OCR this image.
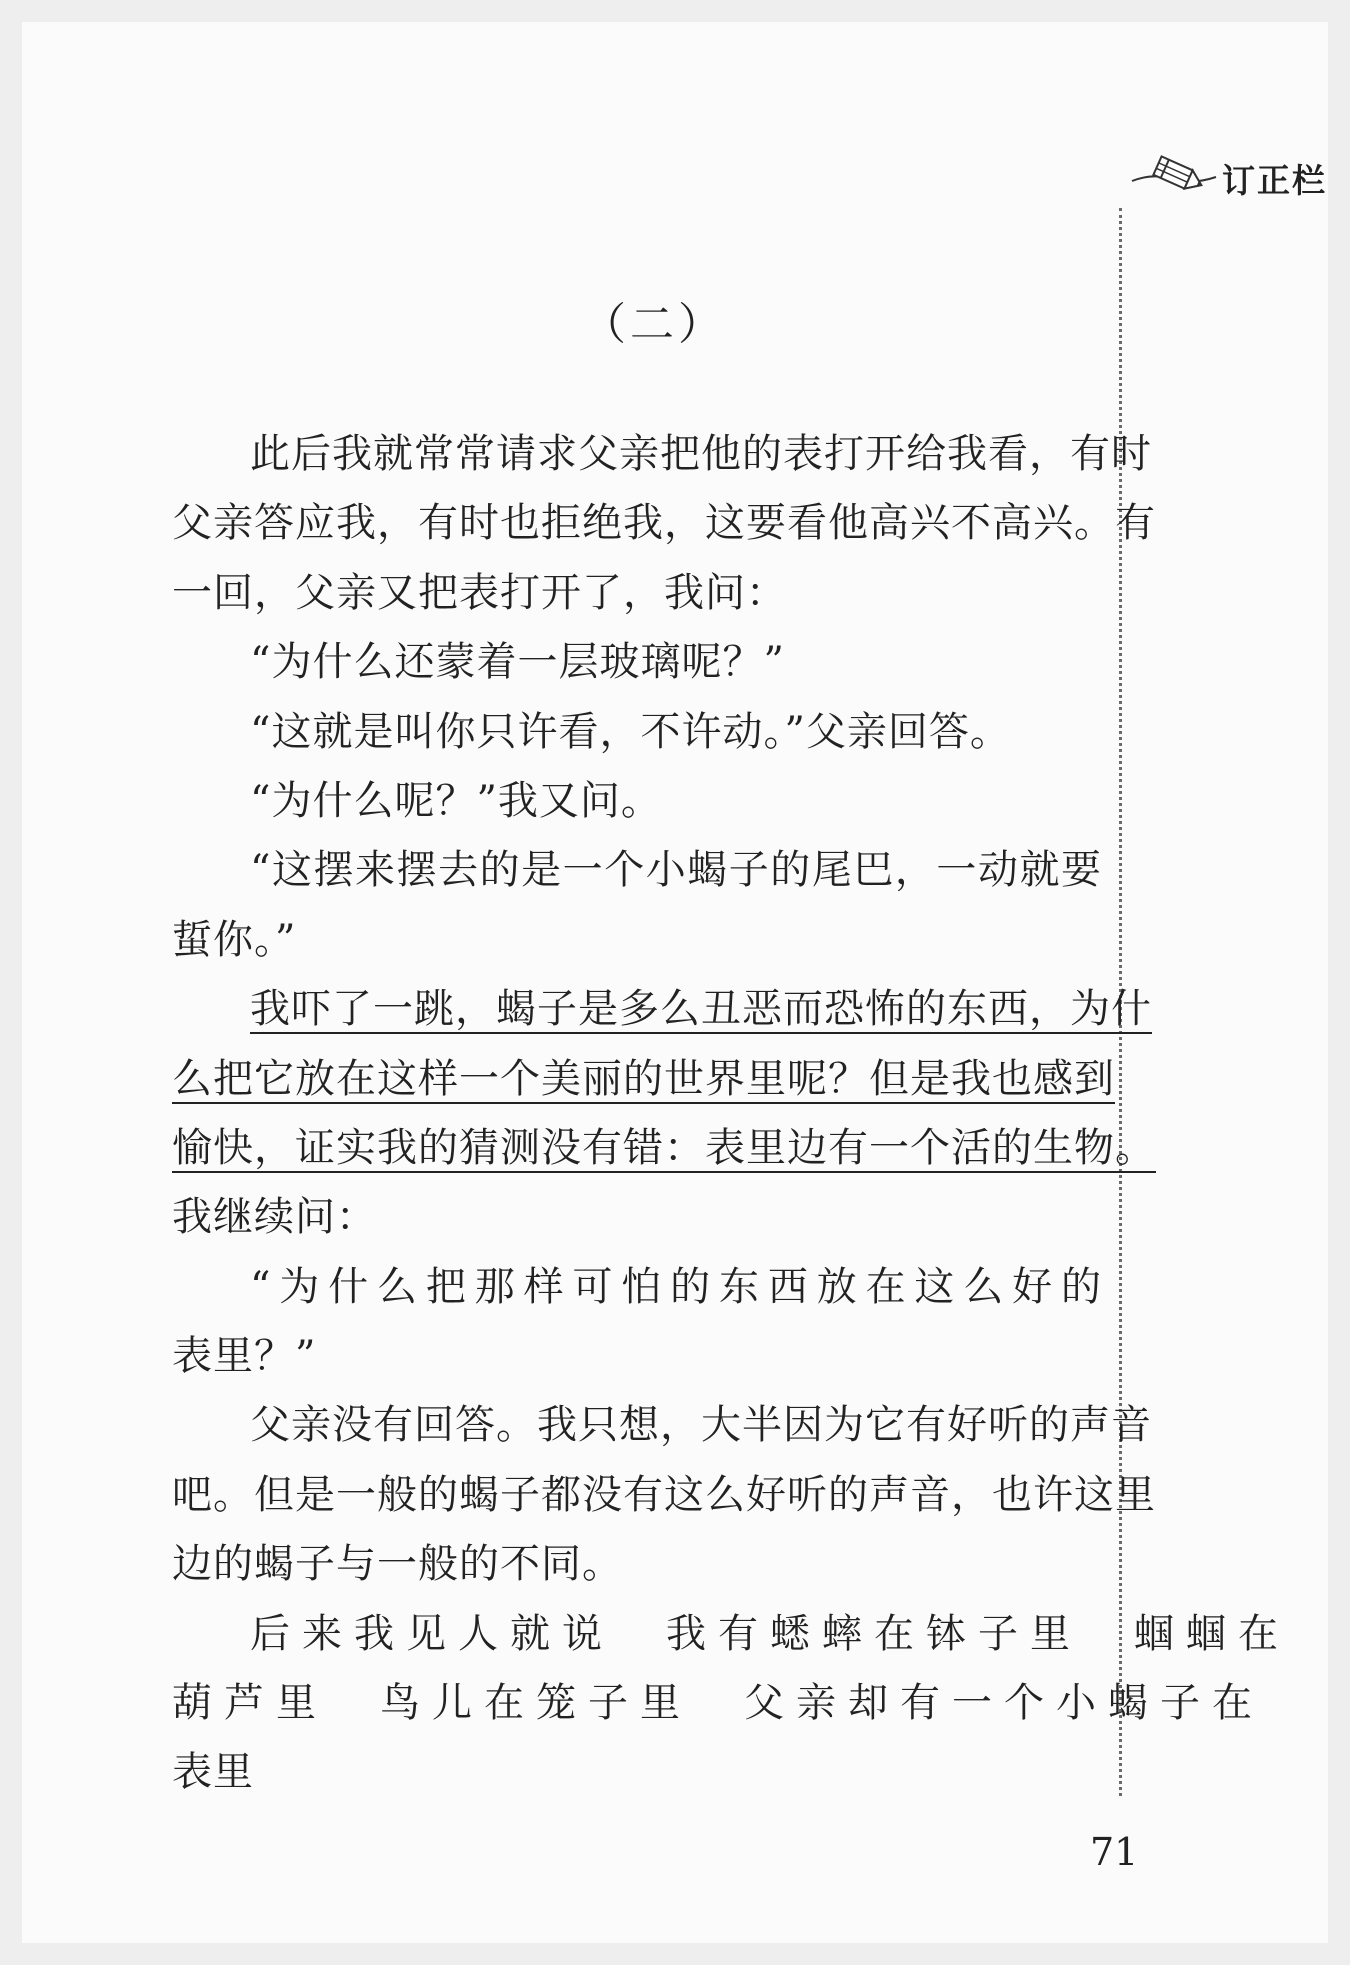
订正栏
（二）
此后我就常常请求父亲把他的表打开给我看，有时
父亲答应我，有时也拒绝我，这要看他高兴不高兴。有
一回，父亲又把表打开了，我问：
“为什么还蒙着一层玻璃呢？”
“这就是叫你只许看，不许动。”父亲回答。
“为什么呢？”我又问。
“这摆来摆去的是一个小蝎子的尾巴，一动就要
蜇你。”
我吓了一跳，蝎子是多么丑恶而恐怖的东西，为什
么把它放在这样一个美丽的世界里呢？但是我也感到
愉快，证实我的猜测没有错：表里边有一个活的生物。
我继续问：
“为什么把那样可怕的东西放在这么好的
表里？”
父亲没有回答。我只想，大半因为它有好听的声音
吧。但是一般的蝎子都没有这么好听的声音，也许这里
边的蝎子与一般的不同。
后来我见人就说　我有蟋蟀在钵子里　蝈蝈在
葫芦里　鸟儿在笼子里　父亲却有一个小蝎子在
表里
71
